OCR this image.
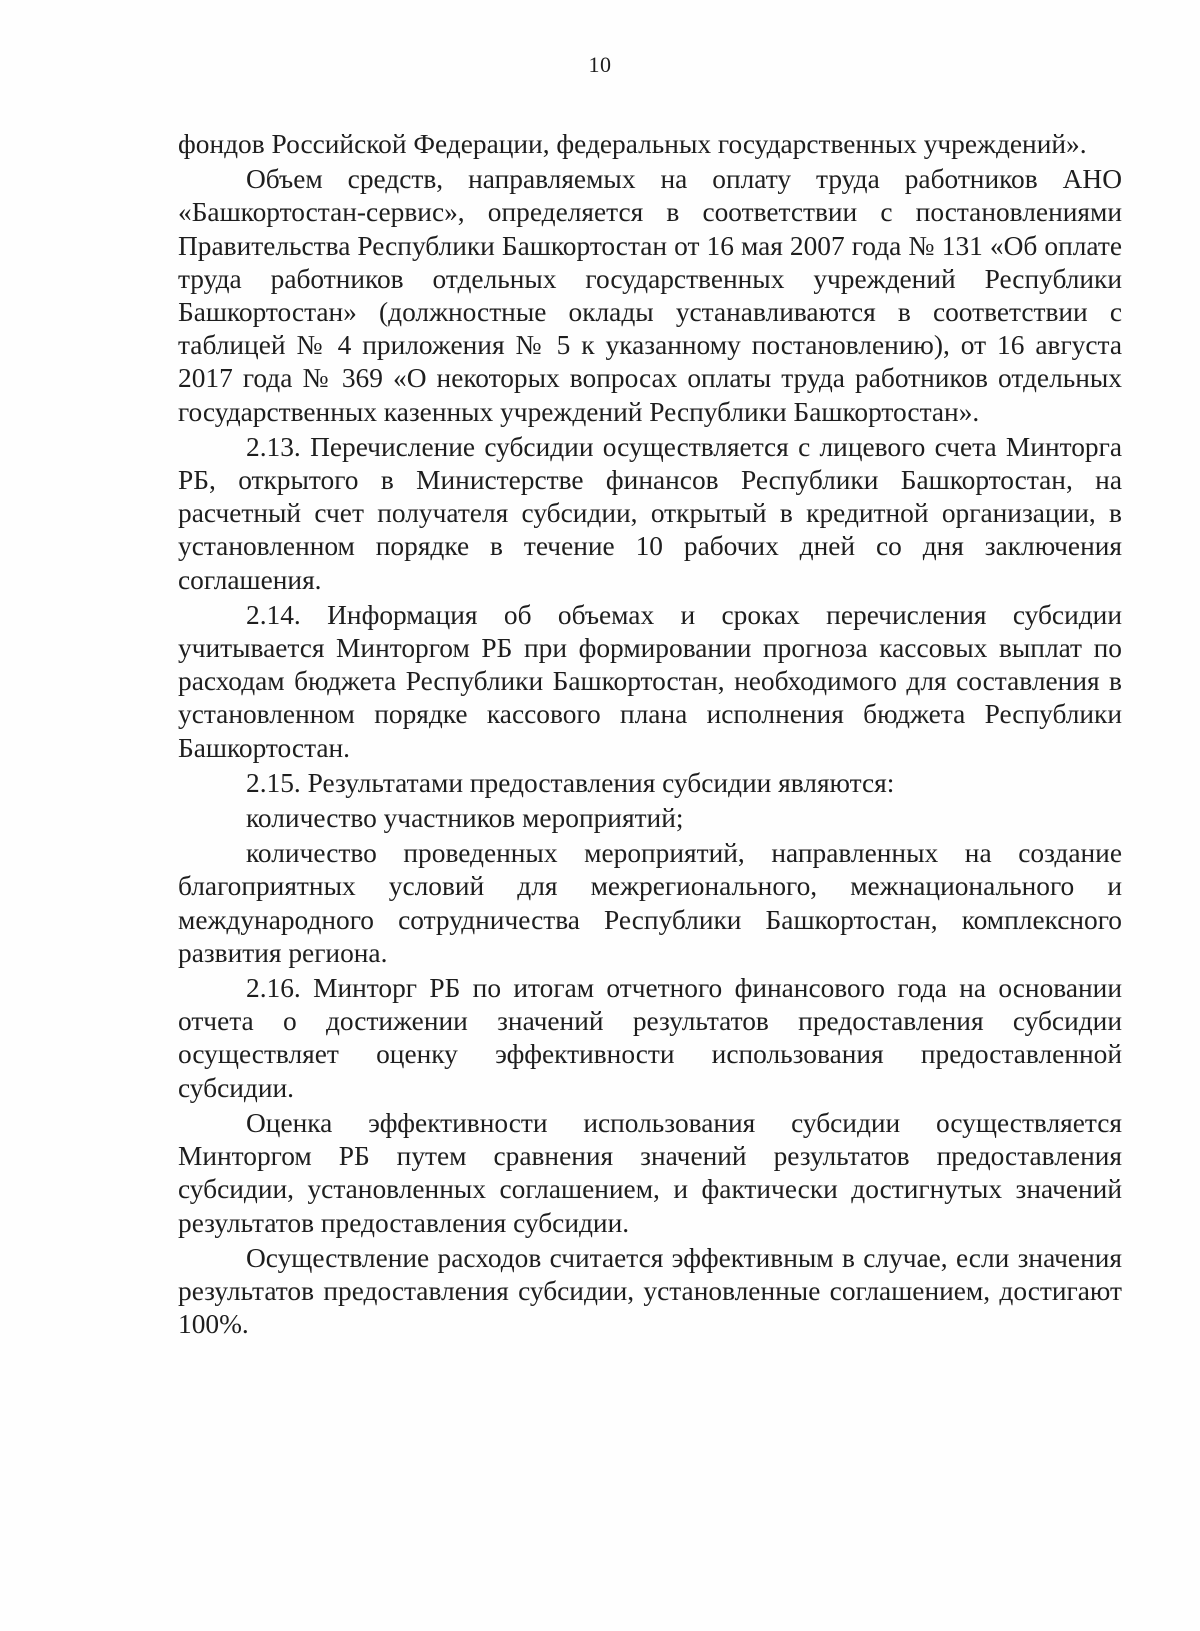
10

фондов Российской Федерации, федеральных государственных учреждений».

Объем средств, направляемых на оплату труда работников АНО «Башкортостан-сервис», определяется в соответствии с постановлениями Правительства Республики Башкортостан от 16 мая 2007 года № 131 «Об оплате труда работников отдельных государственных учреждений Республики Башкортостан» (должностные оклады устанавливаются в соответствии с таблицей № 4 приложения № 5 к указанному постановлению), от 16 августа 2017 года № 369 «О некоторых вопросах оплаты труда работников отдельных государственных казенных учреждений Республики Башкортостан».

2.13. Перечисление субсидии осуществляется с лицевого счета Минторга РБ, открытого в Министерстве финансов Республики Башкортостан, на расчетный счет получателя субсидии, открытый в кредитной организации, в установленном порядке в течение 10 рабочих дней со дня заключения соглашения.

2.14. Информация об объемах и сроках перечисления субсидии учитывается Минторгом РБ при формировании прогноза кассовых выплат по расходам бюджета Республики Башкортостан, необходимого для составления в установленном порядке кассового плана исполнения бюджета Республики Башкортостан.

2.15. Результатами предоставления субсидии являются:

количество участников мероприятий;

количество проведенных мероприятий, направленных на создание благоприятных условий для межрегионального, межнационального и международного сотрудничества Республики Башкортостан, комплексного развития региона.

2.16. Минторг РБ по итогам отчетного финансового года на основании отчета о достижении значений результатов предоставления субсидии осуществляет оценку эффективности использования предоставленной субсидии.

Оценка эффективности использования субсидии осуществляется Минторгом РБ путем сравнения значений результатов предоставления субсидии, установленных соглашением, и фактически достигнутых значений результатов предоставления субсидии.

Осуществление расходов считается эффективным в случае, если значения результатов предоставления субсидии, установленные соглашением, достигают 100%.
